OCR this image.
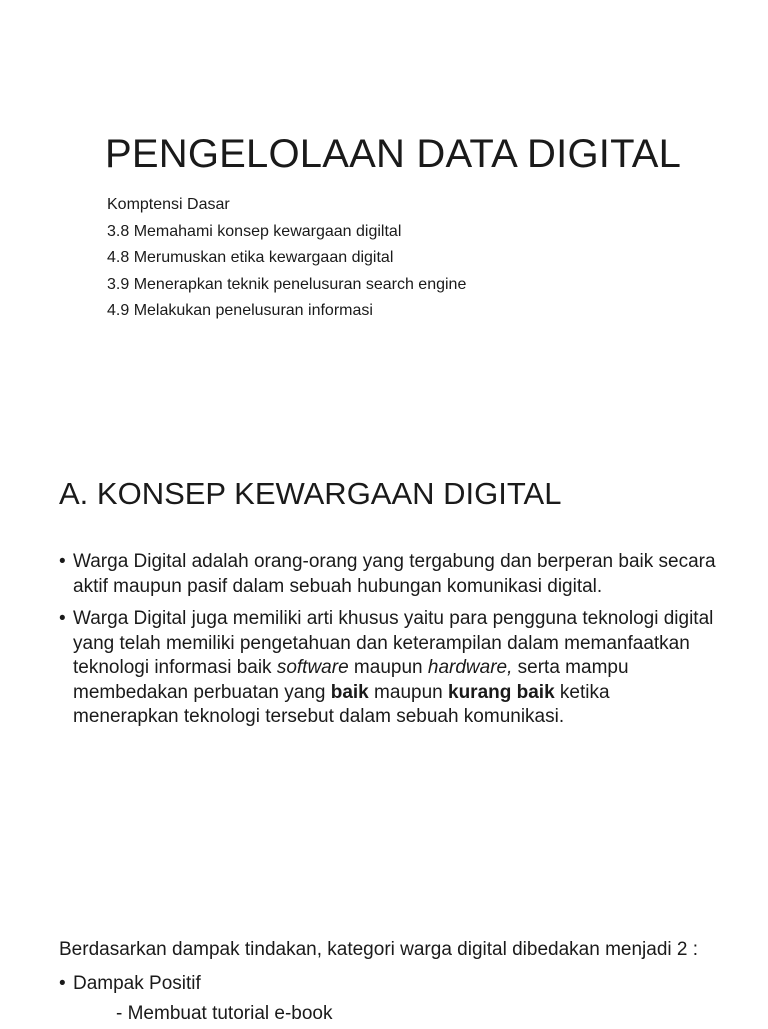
PENGELOLAAN DATA DIGITAL
Komptensi Dasar
3.8 Memahami konsep kewargaan digiltal
4.8 Merumuskan etika kewargaan digital
3.9 Menerapkan teknik penelusuran search engine
4.9 Melakukan penelusuran informasi
A. KONSEP KEWARGAAN DIGITAL
• Warga Digital adalah orang-orang yang tergabung dan berperan baik secara aktif maupun pasif dalam sebuah hubungan komunikasi digital.
• Warga Digital juga memiliki arti khusus yaitu para pengguna teknologi digital yang telah memiliki pengetahuan dan keterampilan dalam memanfaatkan teknologi informasi baik software maupun hardware, serta mampu membedakan perbuatan yang baik maupun kurang baik ketika menerapkan teknologi tersebut dalam sebuah komunikasi.

Berdasarkan dampak tindakan, kategori warga digital dibedakan menjadi 2 :

• Dampak Positif
- Membuat tutorial e-book
